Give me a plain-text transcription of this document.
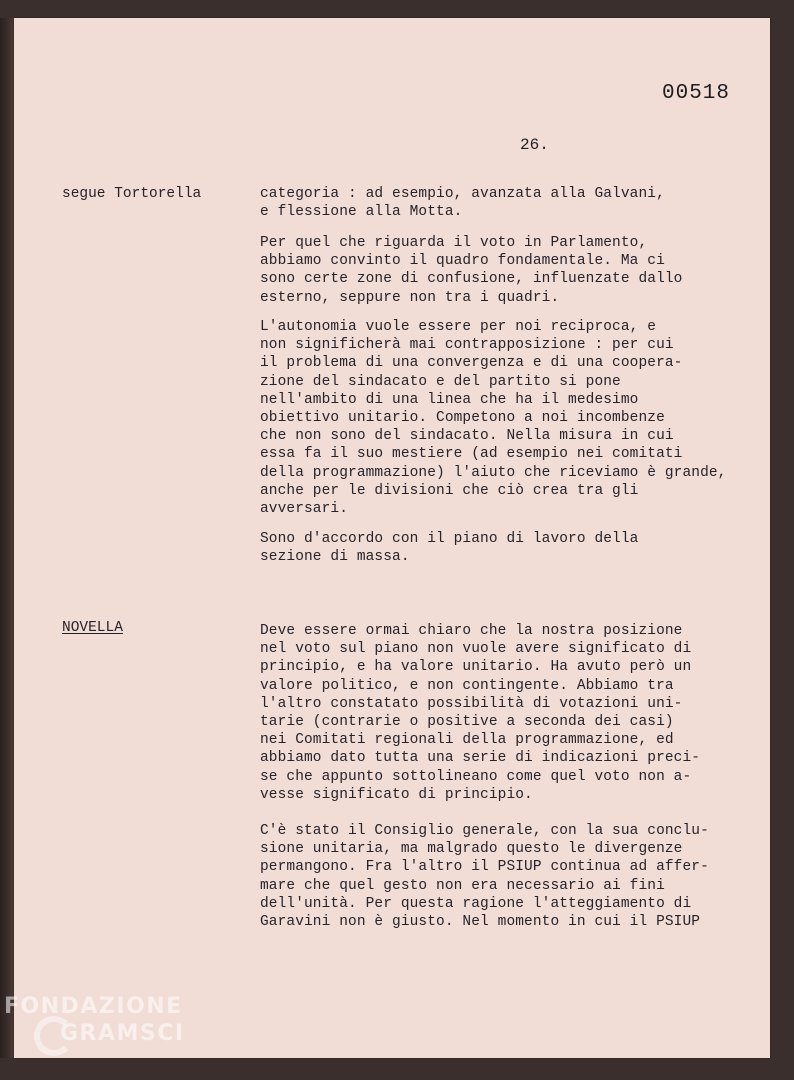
00518
26.
segue Tortorella	categoria : ad esempio, avanzata alla Galvani,
e flessione alla Motta.

Per quel che riguarda il voto in Parlamento,
abbiamo convinto il quadro fondamentale. Ma ci
sono certe zone di confusione, influenzate dallo
esterno, seppure non tra i quadri.

L'autonomia vuole essere per noi reciproca, e
non significherà mai contrapposizione : per cui
il problema di una convergenza e di una coopera-
zione del sindacato e del partito si pone
nell'ambito di una linea che ha il medesimo
obiettivo unitario. Competono a noi incombenze
che non sono del sindacato. Nella misura in cui
essa fa il suo mestiere (ad esempio nei comitati
della programmazione) l'aiuto che riceviamo è grande,
anche per le divisioni che ciò crea tra gli
avversari.

Sono d'accordo con il piano di lavoro della
sezione di massa.

NOVELLA	Deve essere ormai chiaro che la nostra posizione
nel voto sul piano non vuole avere significato di
principio, e ha valore unitario. Ha avuto però un
valore politico, e non contingente. Abbiamo tra
l'altro constatato possibilità di votazioni uni-
tarie (contrarie o positive a seconda dei casi)
nei Comitati regionali della programmazione, ed
abbiamo dato tutta una serie di indicazioni preci-
se che appunto sottolineano come quel voto non a-
vesse significato di principio.

C'è stato il Consiglio generale, con la sua conclu-
sione unitaria, ma malgrado questo le divergenze
permangono. Fra l'altro il PSIUP continua ad affer-
mare che quel gesto non era necessario ai fini
dell'unità. Per questa ragione l'atteggiamento di
Garavini non è giusto. Nel momento in cui il PSIUP

FONDAZIONE
GRAMSCI
